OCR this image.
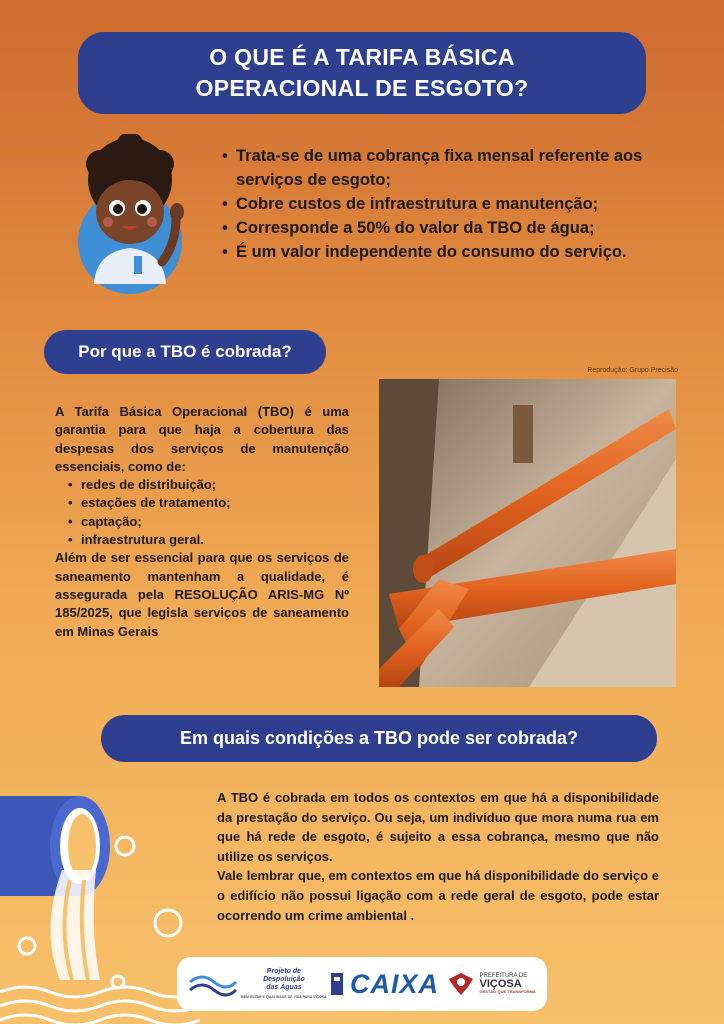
O QUE É A TARIFA BÁSICA
OPERACIONAL DE ESGOTO?
• Trata-se de uma cobrança fixa mensal referente aos serviços de esgoto;
• Cobre custos de infraestrutura e manutenção;
• Corresponde a 50% do valor da TBO de água;
• É um valor independente do consumo do serviço.
Por que a TBO é cobrada?
Reprodução: Grupo Precisão

A Tarifa Básica Operacional (TBO) é uma garantia para que haja a cobertura das despesas dos serviços de manutenção essenciais, como de:

• redes de distribuição;
• estações de tratamento;
• captação;
• infraestrutura geral.

Além de ser essencial para que os serviços de saneamento mantenham a qualidade, é assegurada pela RESOLUÇÃO ARIS-MG Nº 185/2025, que legisla serviços de saneamento em Minas Gerais

Em quais condições a TBO pode ser cobrada?

A TBO é cobrada em todos os contextos em que há a disponibilidade da prestação do serviço. Ou seja, um indivíduo que mora numa rua em que há rede de esgoto, é sujeito a essa cobrança, mesmo que não utilize os serviços.

Vale lembrar que, em contextos em que há disponibilidade do serviço e o edifício não possui ligação com a rede geral de esgoto, pode estar ocorrendo um crime ambiental .

Projeto de
Despoluição
das Águas
BEM ESTAR E QUALIDADE DE VIDA PARA VIÇOSA CAIXA	PREFEITURA DE
VIÇOSA
GESTÃO QUE TRANSFORMA
